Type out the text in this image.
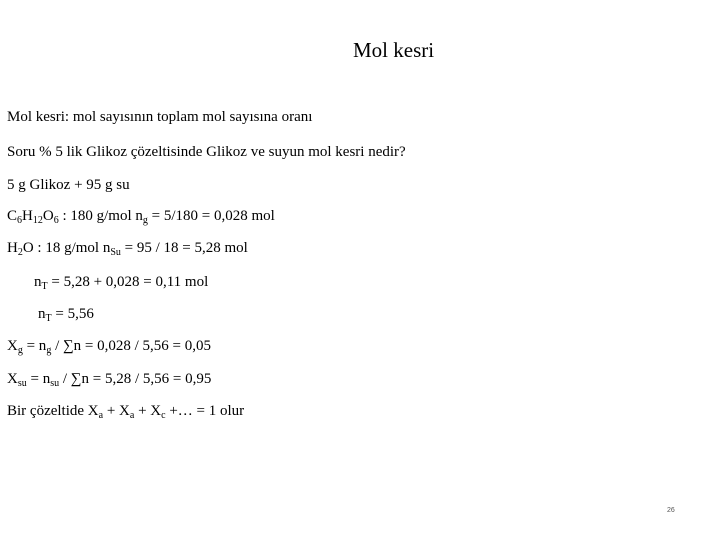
Mol kesri
Mol kesri: mol sayısının toplam mol sayısına oranı
Soru % 5 lik Glikoz çözeltisinde Glikoz ve suyun mol kesri nedir?
5 g Glikoz + 95 g su
$C_6H_{12}O_6$ : 180 g/mol $n_g = 5/180 = 0,028$ mol
$H_2O$ : 18 g/mol $n_{Su} = 95 / 18 = 5,28$ mol
$n_T = 5,28 + 0,028 = 0,11$ mol
$n_T = 5,56$
$X_g = n_g / \sum n = 0,028 / 5,56 = 0,05$
$X_{su} = n_{su} / \sum n = 5,28 / 5,56 = 0,95$
Bir çözeltide $X_a + X_a + X_c$ +… = 1 olur
26
